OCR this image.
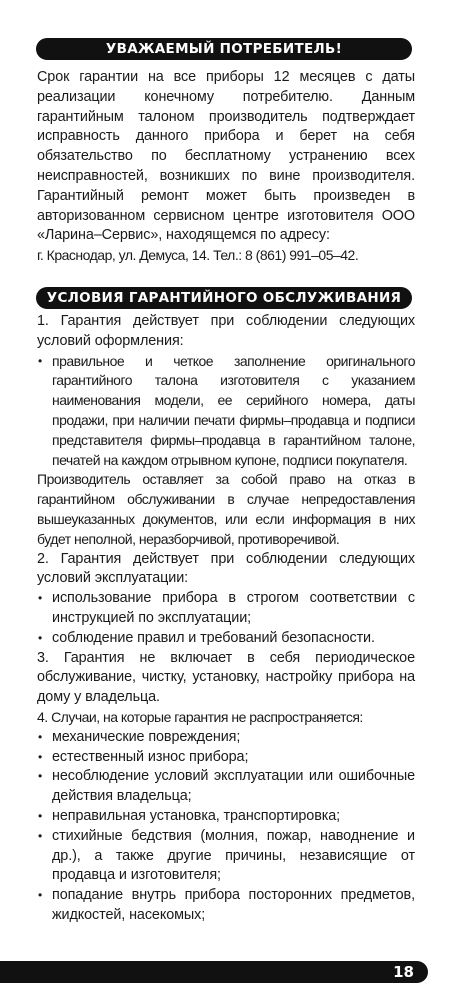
УВАЖАЕМЫЙ ПОТРЕБИТЕЛЬ!

Срок гарантии на все приборы 12 месяцев с даты реализации конечному потребителю. Данным гарантийным талоном производитель подтверждает исправность данного прибора и берет на себя обязательство по бесплатному устранению всех неисправностей, возникших по вине производителя. Гарантийный ремонт может быть произведен в авторизованном сервисном центре изготовителя ООО «Ларина–Сервис», находящемся по адресу:

г. Краснодар, ул. Демуса, 14. Тел.: 8 (861) 991–05–42.

УСЛОВИЯ ГАРАНТИЙНОГО ОБСЛУЖИВАНИЯ

1. Гарантия действует при соблюдении следующих условий оформления:

• правильное и четкое заполнение оригинального гарантийного талона изготовителя с указанием наименования модели, ее серийного номера, даты продажи, при наличии печати фирмы–продавца и подписи представителя фирмы–продавца в гарантийном талоне, печатей на каждом отрывном купоне, подписи покупателя.

Производитель оставляет за собой право на отказ в гарантийном обслуживании в случае непредоставления вышеуказанных документов, или если информация в них будет неполной, неразборчивой, противоречивой.

2. Гарантия действует при соблюдении следующих условий эксплуатации:

• использование прибора в строгом соответствии с инструкцией по эксплуатации;
• соблюдение правил и требований безопасности.

3. Гарантия не включает в себя периодическое обслуживание, чистку, установку, настройку прибора на дому у владельца.

4. Случаи, на которые гарантия не распространяется:

• механические повреждения;
• естественный износ прибора;
• несоблюдение условий эксплуатации или ошибочные действия владельца;
• неправильная установка, транспортировка;
• стихийные бедствия (молния, пожар, наводнение и др.), а также другие причины, независящие от продавца и изготовителя;
• попадание внутрь прибора посторонних предметов, жидкостей, насекомых;
18
